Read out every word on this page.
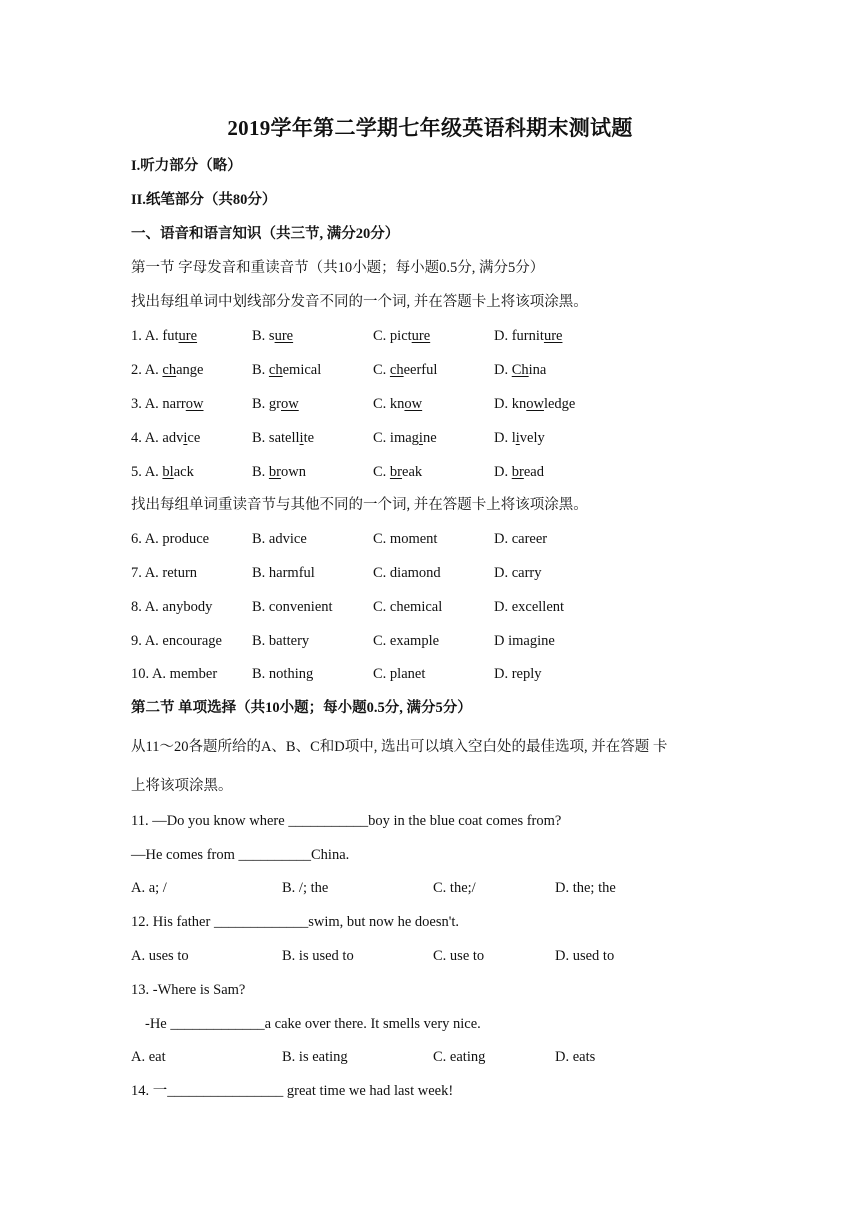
2019学年第二学期七年级英语科期末测试题
I.听力部分（略）
II.纸笔部分（共80分）
一、语音和语言知识（共三节, 满分20分）
第一节 字母发音和重读音节（共10小题；每小题0.5分, 满分5分）
找出每组单词中划线部分发音不同的一个词, 并在答题卡上将该项涂黑。
1. A. future	B. sure	C. picture	D. furniture
2. A. change	B. chemical	C. cheerful	D. China
3. A. narrow	B. grow	C. know	D. knowledge
4. A. advice	B. satellite	C. imagine	D. lively
5. A. black	B. brown	C. break	D. bread
找出每组单词重读音节与其他不同的一个词, 并在答题卡上将该项涂黑。
6. A. produce	B. advice	C. moment	D. career
7. A. return	B. harmful	C. diamond	D. carry
8. A. anybody	B. convenient	C. chemical	D. excellent
9. A. encourage B. battery	C. example	D imagine
10. A. member B. nothing	C. planet	D. reply
第二节 单项选择（共10小题；每小题0.5分, 满分5分）
从11～20各题所给的A、B、C和D项中, 选出可以填入空白处的最佳选项, 并在答题 卡
上将该项涂黑。
11. —Do you know where ___________boy in the blue coat comes from?
—He comes from __________China.
A. a; /	B. /; the	C. the;/	D. the; the
12. His father _____________swim, but now he doesn't.
A. uses to	B. is used to	C. use to	D. used to
13. -Where is Sam?
-He _____________a cake over there. It smells very nice.
A. eat	B. is eating	C. eating	D. eats
14. 一________________ great time we had last week!
